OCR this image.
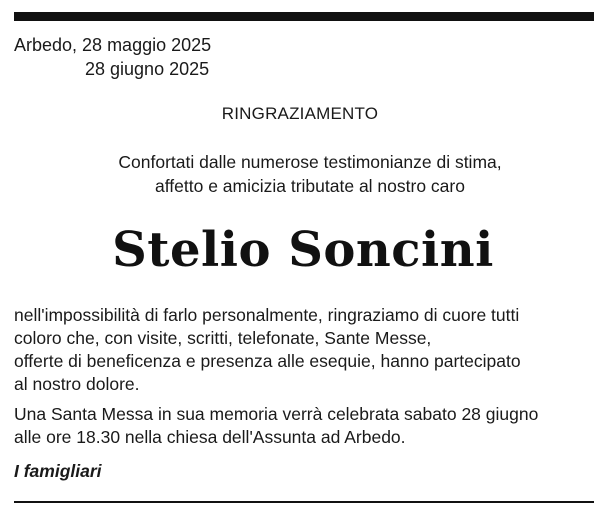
Arbedo, 28 maggio 2025
28 giugno 2025
RINGRAZIAMENTO
Confortati dalle numerose testimonianze di stima,
affetto e amicizia tributate al nostro caro
Stelio Soncini
nell'impossibilità di farlo personalmente, ringraziamo di cuore tutti
coloro che, con visite, scritti, telefonate, Sante Messe,
offerte di beneficenza e presenza alle esequie, hanno partecipato
al nostro dolore.
Una Santa Messa in sua memoria verrà celebrata sabato 28 giugno
alle ore 18.30 nella chiesa dell'Assunta ad Arbedo.
I famigliari
